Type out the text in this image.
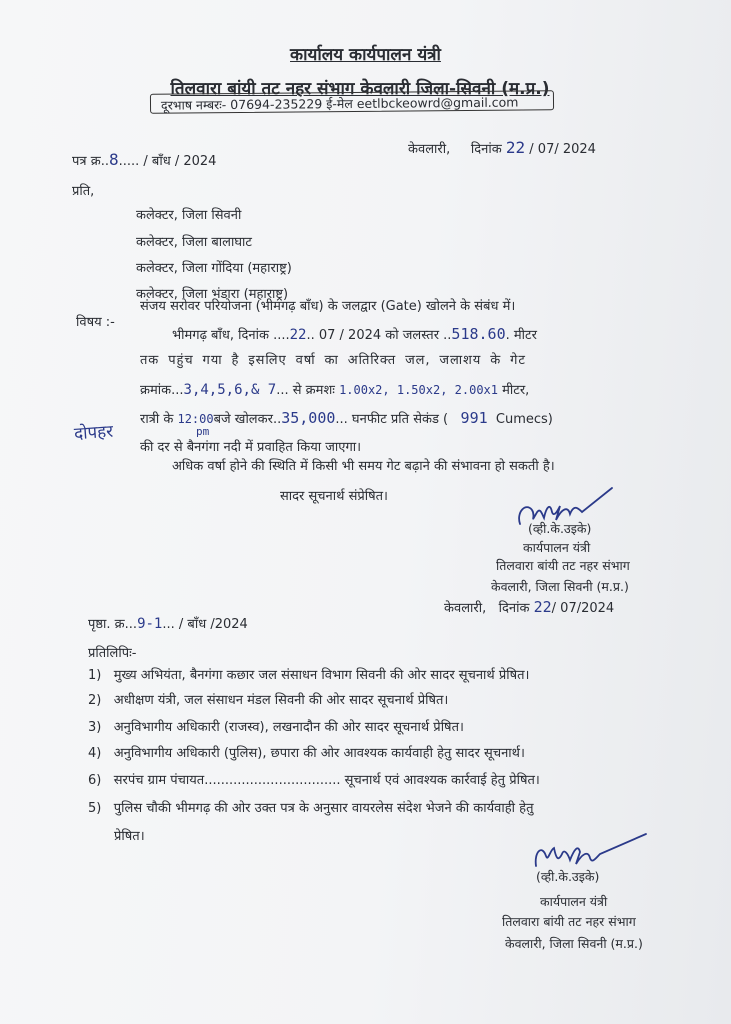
कार्यालय कार्यपालन यंत्री
तिलवारा बांयी तट नहर संभाग केवलारी जिला-सिवनी (म.प्र.)
दूरभाष नम्बरः- 07694-235229 ई-मेल eetlbckeowrd@gmail.com
पत्र क्र..8..... / बाँध / 2024
केवलारी, दिनांक 22 / 07/ 2024
प्रति,
कलेक्टर, जिला सिवनी
कलेक्टर, जिला बालाघाट
कलेक्टर, जिला गोंदिया (महाराष्ट्र)
कलेक्टर, जिला भंडारा (महाराष्ट्र)
विषय :-
संजय सरोवर परियोजना (भीमगढ़ बाँध) के जलद्वार (Gate) खोलने के संबंध में।
भीमगढ़ बाँध, दिनांक ....22.. 07 / 2024 को जलस्तर ..518.60. मीटर
तक पहुंच गया है इसलिए वर्षा का अतिरिक्त जल, जलाशय के गेट
क्रमांक...3,4,5,6,& 7... से क्रमशः 1.00x2, 1.50x2, 2.00x1 मीटर,
दोपहर
रात्री के 12:00बजे खोलकर..35,000... घनफीट प्रति सेकंड ( 991 Cumecs)
pm
की दर से बैनगंगा नदी में प्रवाहित किया जाएगा।
अधिक वर्षा होने की स्थिति में किसी भी समय गेट बढ़ाने की संभावना हो सकती है।
सादर सूचनार्थ संप्रेषित।
(व्ही.के.उइके)
कार्यपालन यंत्री
तिलवारा बांयी तट नहर संभाग
केवलारी, जिला सिवनी (म.प्र.)
केवलारी, दिनांक 22/ 07/2024
पृष्ठा. क्र...9-1... / बाँध /2024
प्रतिलिपिः-
1) मुख्य अभियंता, बैनगंगा कछार जल संसाधन विभाग सिवनी की ओर सादर सूचनार्थ प्रेषित।
2) अधीक्षण यंत्री, जल संसाधन मंडल सिवनी की ओर सादर सूचनार्थ प्रेषित।
3) अनुविभागीय अधिकारी (राजस्व), लखनादौन की ओर सादर सूचनार्थ प्रेषित।
4) अनुविभागीय अधिकारी (पुलिस), छपारा की ओर आवश्यक कार्यवाही हेतु सादर सूचनार्थ।
6) सरपंच ग्राम पंचायत................................. सूचनार्थ एवं आवश्यक कार्रवाई हेतु प्रेषित।
5) पुलिस चौकी भीमगढ़ की ओर उक्त पत्र के अनुसार वायरलेस संदेश भेजने की कार्यवाही हेतु
प्रेषित।
(व्ही.के.उइके)
कार्यपालन यंत्री
तिलवारा बांयी तट नहर संभाग
केवलारी, जिला सिवनी (म.प्र.)
